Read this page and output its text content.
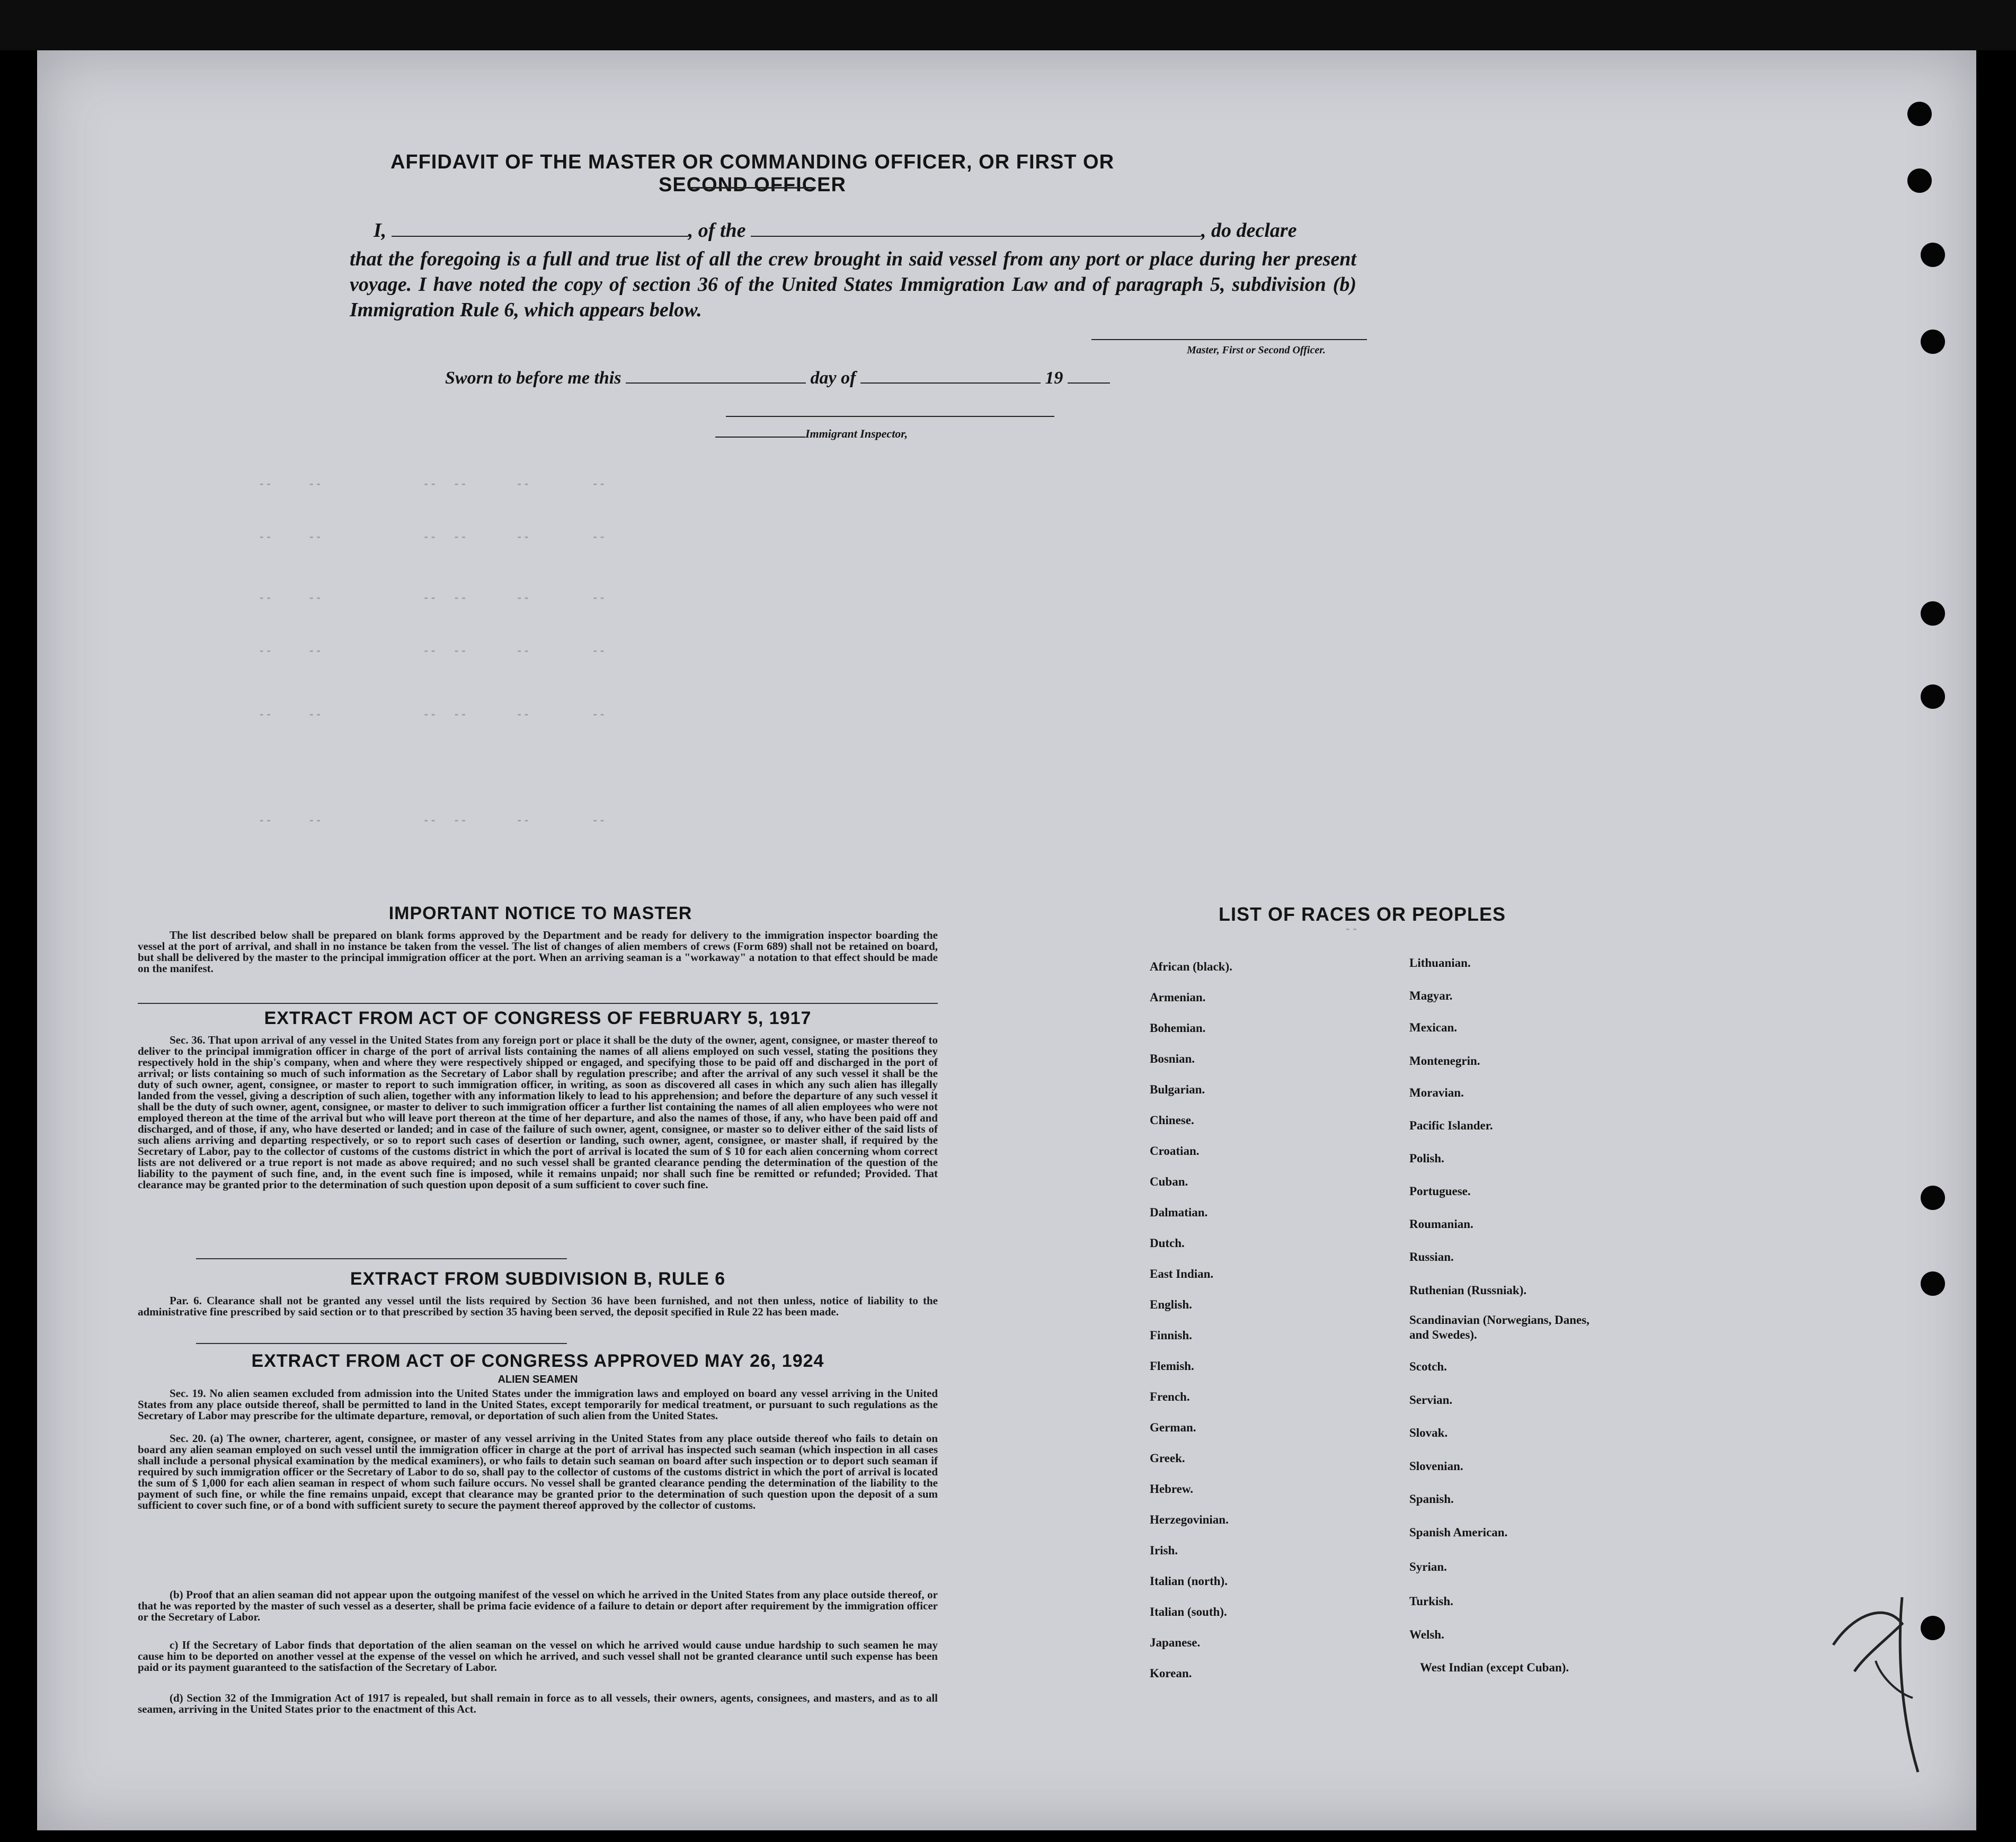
AFFIDAVIT OF THE MASTER OR COMMANDING OFFICER, OR FIRST OR SECOND OFFICER
I,	, of the	, do declare
that the foregoing is a full and true list of all the crew brought in said vessel from any port or place during her present voyage. I have noted the copy of section 36 of the United States Immigration Law and of paragraph 5, subdivision (b) Immigration Rule 6, which appears below.
Master, First or Second Officer.
Sworn to before me this	day of	19
Immigrant Inspector,
- -            - -                                - -      - -                - -                    - -
- -            - -                                - -      - -                - -                    - -
- -            - -                                - -      - -                - -                    - -
- -            - -                                - -      - -                - -                    - -
- -            - -                                - -      - -                - -                    - -
- -            - -                                - -      - -                - -                    - -
IMPORTANT NOTICE TO MASTER
The list described below shall be prepared on blank forms approved by the Department and be ready for delivery to the immigration inspector boarding the vessel at the port of arrival, and shall in no instance be taken from the vessel. The list of changes of alien members of crews (Form 689) shall not be retained on board, but shall be delivered by the master to the principal immigration officer at the port. When an arriving seaman is a "workaway" a notation to that effect should be made on the manifest.
EXTRACT FROM ACT OF CONGRESS OF FEBRUARY 5, 1917
Sec. 36. That upon arrival of any vessel in the United States from any foreign port or place it shall be the duty of the owner, agent, consignee, or master thereof to deliver to the principal immigration officer in charge of the port of arrival lists containing the names of all aliens employed on such vessel, stating the positions they respectively hold in the ship's company, when and where they were respectively shipped or engaged, and specifying those to be paid off and discharged in the port of arrival; or lists containing so much of such information as the Secretary of Labor shall by regulation prescribe; and after the arrival of any such vessel it shall be the duty of such owner, agent, consignee, or master to report to such immigration officer, in writing, as soon as discovered all cases in which any such alien has illegally landed from the vessel, giving a description of such alien, together with any information likely to lead to his apprehension; and before the departure of any such vessel it shall be the duty of such owner, agent, consignee, or master to deliver to such immigration officer a further list containing the names of all alien employees who were not employed thereon at the time of the arrival but who will leave port thereon at the time of her departure, and also the names of those, if any, who have been paid off and discharged, and of those, if any, who have deserted or landed; and in case of the failure of such owner, agent, consignee, or master so to deliver either of the said lists of such aliens arriving and departing respectively, or so to report such cases of desertion or landing, such owner, agent, consignee, or master shall, if required by the Secretary of Labor, pay to the collector of customs of the customs district in which the port of arrival is located the sum of $ 10 for each alien concerning whom correct lists are not delivered or a true report is not made as above required; and no such vessel shall be granted clearance pending the determination of the question of the liability to the payment of such fine, and, in the event such fine is imposed, while it remains unpaid; nor shall such fine be remitted or refunded; Provided. That clearance may be granted prior to the determination of such question upon deposit of a sum sufficient to cover such fine.
EXTRACT FROM SUBDIVISION B, RULE 6
Par. 6. Clearance shall not be granted any vessel until the lists required by Section 36 have been furnished, and not then unless, notice of liability to the administrative fine prescribed by said section or to that prescribed by section 35 having been served, the deposit specified in Rule 22 has been made.
EXTRACT FROM ACT OF CONGRESS APPROVED MAY 26, 1924
ALIEN SEAMEN
Sec. 19. No alien seamen excluded from admission into the United States under the immigration laws and employed on board any vessel arriving in the United States from any place outside thereof, shall be permitted to land in the United States, except temporarily for medical treatment, or pursuant to such regulations as the Secretary of Labor may prescribe for the ultimate departure, removal, or deportation of such alien from the United States.
Sec. 20. (a) The owner, charterer, agent, consignee, or master of any vessel arriving in the United States from any place outside thereof who fails to detain on board any alien seaman employed on such vessel until the immigration officer in charge at the port of arrival has inspected such seaman (which inspection in all cases shall include a personal physical examination by the medical examiners), or who fails to detain such seaman on board after such inspection or to deport such seaman if required by such immigration officer or the Secretary of Labor to do so, shall pay to the collector of customs of the customs district in which the port of arrival is located the sum of $ 1,000 for each alien seaman in respect of whom such failure occurs. No vessel shall be granted clearance pending the determination of the liability to the payment of such fine, or while the fine remains unpaid, except that clearance may be granted prior to the determination of such question upon the deposit of a sum sufficient to cover such fine, or of a bond with sufficient surety to secure the payment thereof approved by the collector of customs.
(b) Proof that an alien seaman did not appear upon the outgoing manifest of the vessel on which he arrived in the United States from any place outside thereof, or that he was reported by the master of such vessel as a deserter, shall be prima facie evidence of a failure to detain or deport after requirement by the immigration officer or the Secretary of Labor.
c) If the Secretary of Labor finds that deportation of the alien seaman on the vessel on which he arrived would cause undue hardship to such seamen he may cause him to be deported on another vessel at the expense of the vessel on which he arrived, and such vessel shall not be granted clearance until such expense has been paid or its payment guaranteed to the satisfaction of the Secretary of Labor.
(d) Section 32 of the Immigration Act of 1917 is repealed, but shall remain in force as to all vessels, their owners, agents, consignees, and masters, and as to all seamen, arriving in the United States prior to the enactment of this Act.
LIST OF RACES OR PEOPLES
- -
African (black).
Armenian.
Bohemian.
Bosnian.
Bulgarian.
Chinese.
Croatian.
Cuban.
Dalmatian.
Dutch.
East Indian.
English.
Finnish.
Flemish.
French.
German.
Greek.
Hebrew.
Herzegovinian.
Irish.
Italian (north).
Italian (south).
Japanese.
Korean.
Lithuanian.
Magyar.
Mexican.
Montenegrin.
Moravian.
Pacific Islander.
Polish.
Portuguese.
Roumanian.
Russian.
Ruthenian (Russniak).
Scandinavian (Norwegians, Danes, and Swedes).
Scotch.
Servian.
Slovak.
Slovenian.
Spanish.
Spanish American.
Syrian.
Turkish.
Welsh.
West Indian (except Cuban).
